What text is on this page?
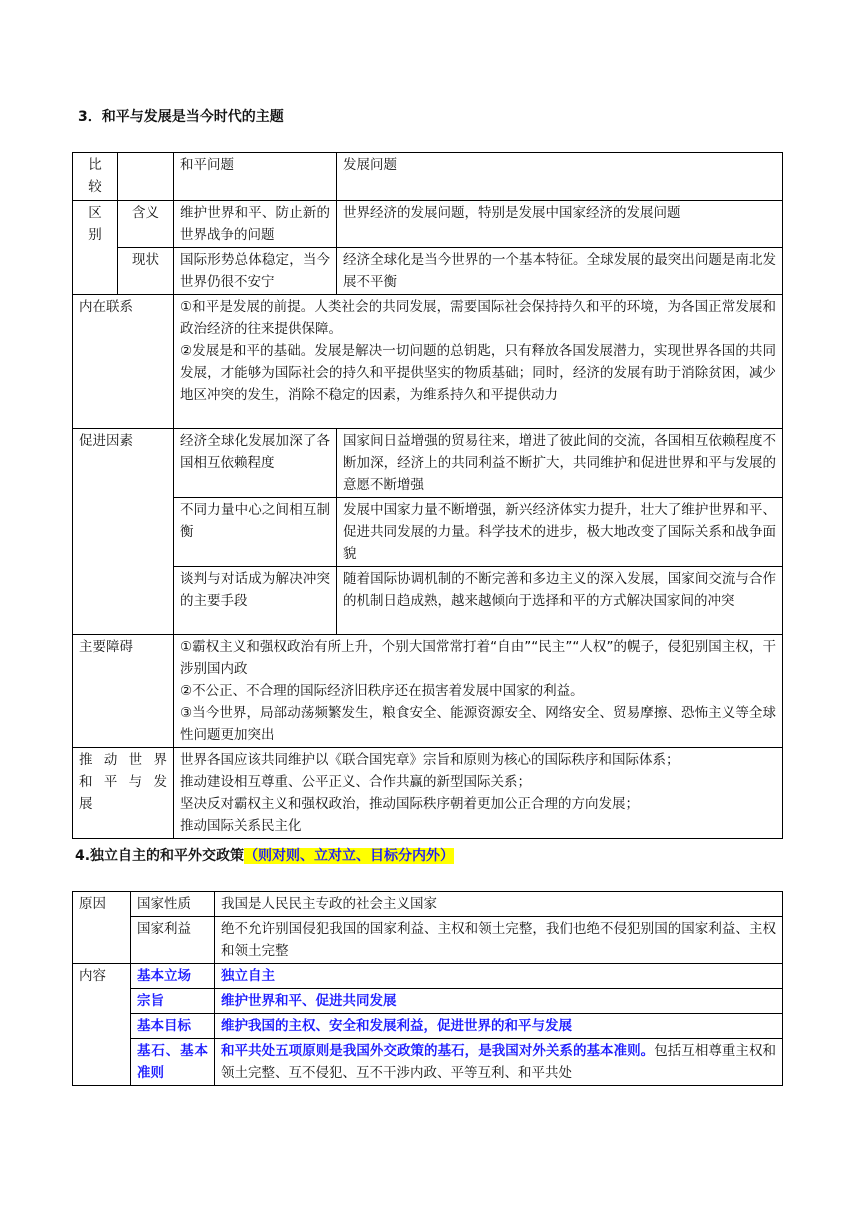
3．和平与发展是当今时代的主题
比较		和平问题	发展问题
区别	含义	维护世界和平、防止新的世界战争的问题	世界经济的发展问题，特别是发展中国家经济的发展问题
	现状	国际形势总体稳定，当今世界仍很不安宁	经济全球化是当今世界的一个基本特征。全球发展的最突出问题是南北发展不平衡
内在联系		①和平是发展的前提。人类社会的共同发展，需要国际社会保持持久和平的环境，为各国正常发展和政治经济的往来提供保障。
②发展是和平的基础。发展是解决一切问题的总钥匙，只有释放各国发展潜力，实现世界各国的共同发展，才能够为国际社会的持久和平提供坚实的物质基础；同时，经济的发展有助于消除贫困，减少地区冲突的发生，消除不稳定的因素，为维系持久和平提供动力	

促进因素		经济全球化发展加深了各国相互依赖程度	国家间日益增强的贸易往来，增进了彼此间的交流，各国相互依赖程度不断加深，经济上的共同利益不断扩大，共同维护和促进世界和平与发展的意愿不断增强
		不同力量中心之间相互制衡	发展中国家力量不断增强，新兴经济体实力提升，壮大了维护世界和平、促进共同发展的力量。科学技术的进步，极大地改变了国际关系和战争面貌
		谈判与对话成为解决冲突的主要手段	随着国际协调机制的不断完善和多边主义的深入发展，国家间交流与合作的机制日趋成熟，越来越倾向于选择和平的方式解决国家间的冲突
主要障碍		①霸权主义和强权政治有所上升，个别大国常常打着“自由”“民主”“人权”的幌子，侵犯别国主权，干涉别国内政
②不公正、不合理的国际经济旧秩序还在损害着发展中国家的利益。
③当今世界，局部动荡频繁发生，粮食安全、能源资源安全、网络安全、贸易摩擦、恐怖主义等全球性问题更加突出	

推动世界
和平与发
展		世界各国应该共同维护以《联合国宪章》宗旨和原则为核心的国际秩序和国际体系；
推动建设相互尊重、公平正义、合作共赢的新型国际关系；
坚决反对霸权主义和强权政治，推动国际秩序朝着更加公正合理的方向发展；
推动国际关系民主化	
4.独立自主的和平外交政策（则对则、立对立、目标分内外）
原因	国家性质	我国是人民民主专政的社会主义国家
	国家利益	绝不允许别国侵犯我国的国家利益、主权和领土完整，我们也绝不侵犯别国的国家利益、主权和领土完整
内容	基本立场	独立自主
	宗旨	维护世界和平、促进共同发展
	基本目标	维护我国的主权、安全和发展利益，促进世界的和平与发展
	基石、基本准则	和平共处五项原则是我国外交政策的基石，是我国对外关系的基本准则。包括互相尊重主权和领土完整、互不侵犯、互不干涉内政、平等互利、和平共处
